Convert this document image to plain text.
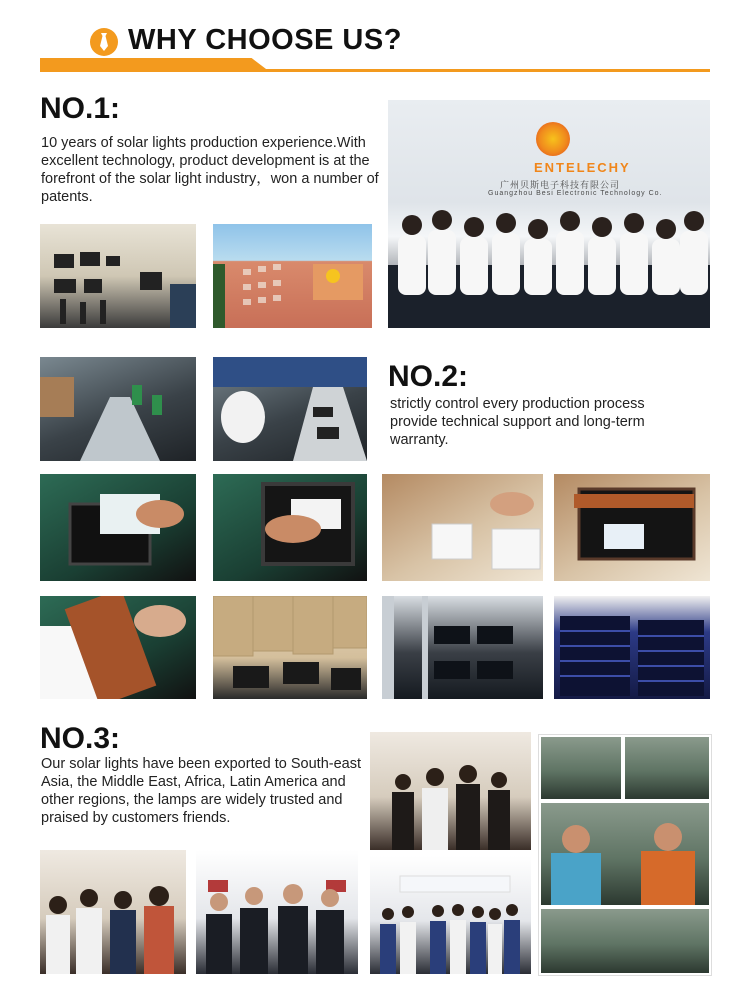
WHY CHOOSE US?
NO.1:
10 years of solar lights production experience.With excellent technology, product development is at the forefront of the solar light industry，won a number of patents.
ENTELECHY
广州贝斯电子科技有限公司
Guangzhou Besi Electronic Technology Co.
NO.2:
strictly control every production process provide technical support and long-term warranty.
NO.3:
Our solar lights have been exported to South-east Asia, the Middle East, Africa, Latin America and other regions, the lamps are widely trusted and praised by customers friends.
